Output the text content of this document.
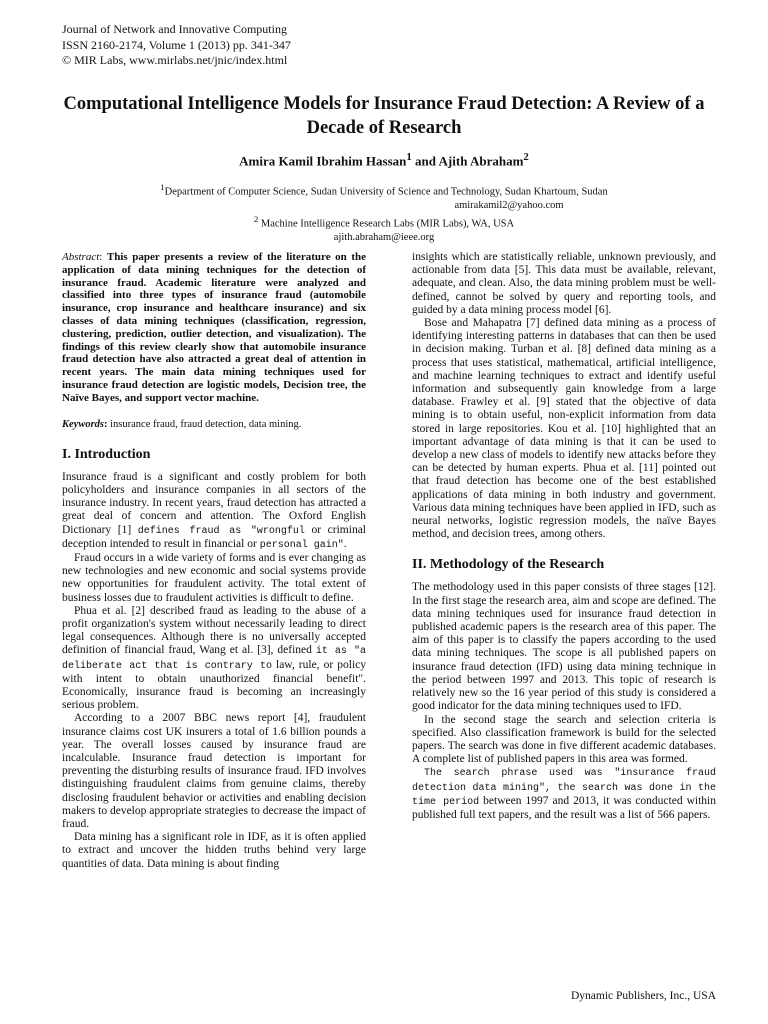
Journal of Network and Innovative Computing
ISSN 2160-2174, Volume 1 (2013) pp. 341-347
© MIR Labs, www.mirlabs.net/jnic/index.html
Computational Intelligence Models for Insurance Fraud Detection: A Review of a Decade of Research
Amira Kamil Ibrahim Hassan$^1$ and Ajith Abraham$^2$
$^1$Department of Computer Science, Sudan University of Science and Technology, Sudan Khartoum, Sudan
amirakamil2@yahoo.com
$^2$ Machine Intelligence Research Labs (MIR Labs), WA, USA
ajith.abraham@ieee.org

Abstract: This paper presents a review of the literature on the application of data mining techniques for the detection of insurance fraud. Academic literature were analyzed and classified into three types of insurance fraud (automobile insurance, crop insurance and healthcare insurance) and six classes of data mining techniques (classification, regression, clustering, prediction, outlier detection, and visualization). The findings of this review clearly show that automobile insurance fraud detection have also attracted a great deal of attention in recent years. The main data mining techniques used for insurance fraud detection are logistic models, Decision tree, the Naïve Bayes, and support vector machine.

Keywords: insurance fraud, fraud detection, data mining.

I. Introduction

Insurance fraud is a significant and costly problem for both policyholders and insurance companies in all sectors of the insurance industry. In recent years, fraud detection has attracted a great deal of concern and attention. The Oxford English Dictionary [1] defines fraud as "wrongful or criminal deception intended to result in financial or personal gain".

Fraud occurs in a wide variety of forms and is ever changing as new technologies and new economic and social systems provide new opportunities for fraudulent activity. The total extent of business losses due to fraudulent activities is difficult to define.

Phua et al. [2] described fraud as leading to the abuse of a profit organization's system without necessarily leading to direct legal consequences. Although there is no universally accepted definition of financial fraud, Wang et al. [3], defined it as "a deliberate act that is contrary to law, rule, or policy with intent to obtain unauthorized financial benefit". Economically, insurance fraud is becoming an increasingly serious problem.

According to a 2007 BBC news report [4], fraudulent insurance claims cost UK insurers a total of 1.6 billion pounds a year. The overall losses caused by insurance fraud are incalculable. Insurance fraud detection is important for preventing the disturbing results of insurance fraud. IFD involves distinguishing fraudulent claims from genuine claims, thereby disclosing fraudulent behavior or activities and enabling decision makers to develop appropriate strategies to decrease the impact of fraud.

Data mining has a significant role in IDF, as it is often applied to extract and uncover the hidden truths behind very large quantities of data. Data mining is about finding

insights which are statistically reliable, unknown previously, and actionable from data [5]. This data must be available, relevant, adequate, and clean. Also, the data mining problem must be well-defined, cannot be solved by query and reporting tools, and guided by a data mining process model [6].

Bose and Mahapatra [7] defined data mining as a process of identifying interesting patterns in databases that can then be used in decision making. Turban et al. [8] defined data mining as a process that uses statistical, mathematical, artificial intelligence, and machine learning techniques to extract and identify useful information and subsequently gain knowledge from a large database. Frawley et al. [9] stated that the objective of data mining is to obtain useful, non-explicit information from data stored in large repositories. Kou et al. [10] highlighted that an important advantage of data mining is that it can be used to develop a new class of models to identify new attacks before they can be detected by human experts. Phua et al. [11] pointed out that fraud detection has become one of the best established applications of data mining in both industry and government. Various data mining techniques have been applied in IFD, such as neural networks, logistic regression models, the naïve Bayes method, and decision trees, among others.

II. Methodology of the Research

The methodology used in this paper consists of three stages [12]. In the first stage the research area, aim and scope are defined. The data mining techniques used for insurance fraud detection in published academic papers is the research area of this paper. The aim of this paper is to classify the papers according to the used data mining techniques. The scope is all published papers on insurance fraud detection (IFD) using data mining technique in the period between 1997 and 2013. This topic of research is relatively new so the 16 year period of this study is considered a good indicator for the data mining techniques used to IFD.

In the second stage the search and selection criteria is specified. Also classification framework is build for the selected papers. The search was done in five different academic databases. A complete list of published papers in this area was formed.

The search phrase used was "insurance fraud detection data mining", the search was done in the time period between 1997 and 2013, it was conducted within published full text papers, and the result was a list of 566 papers.

Dynamic Publishers, Inc., USA
